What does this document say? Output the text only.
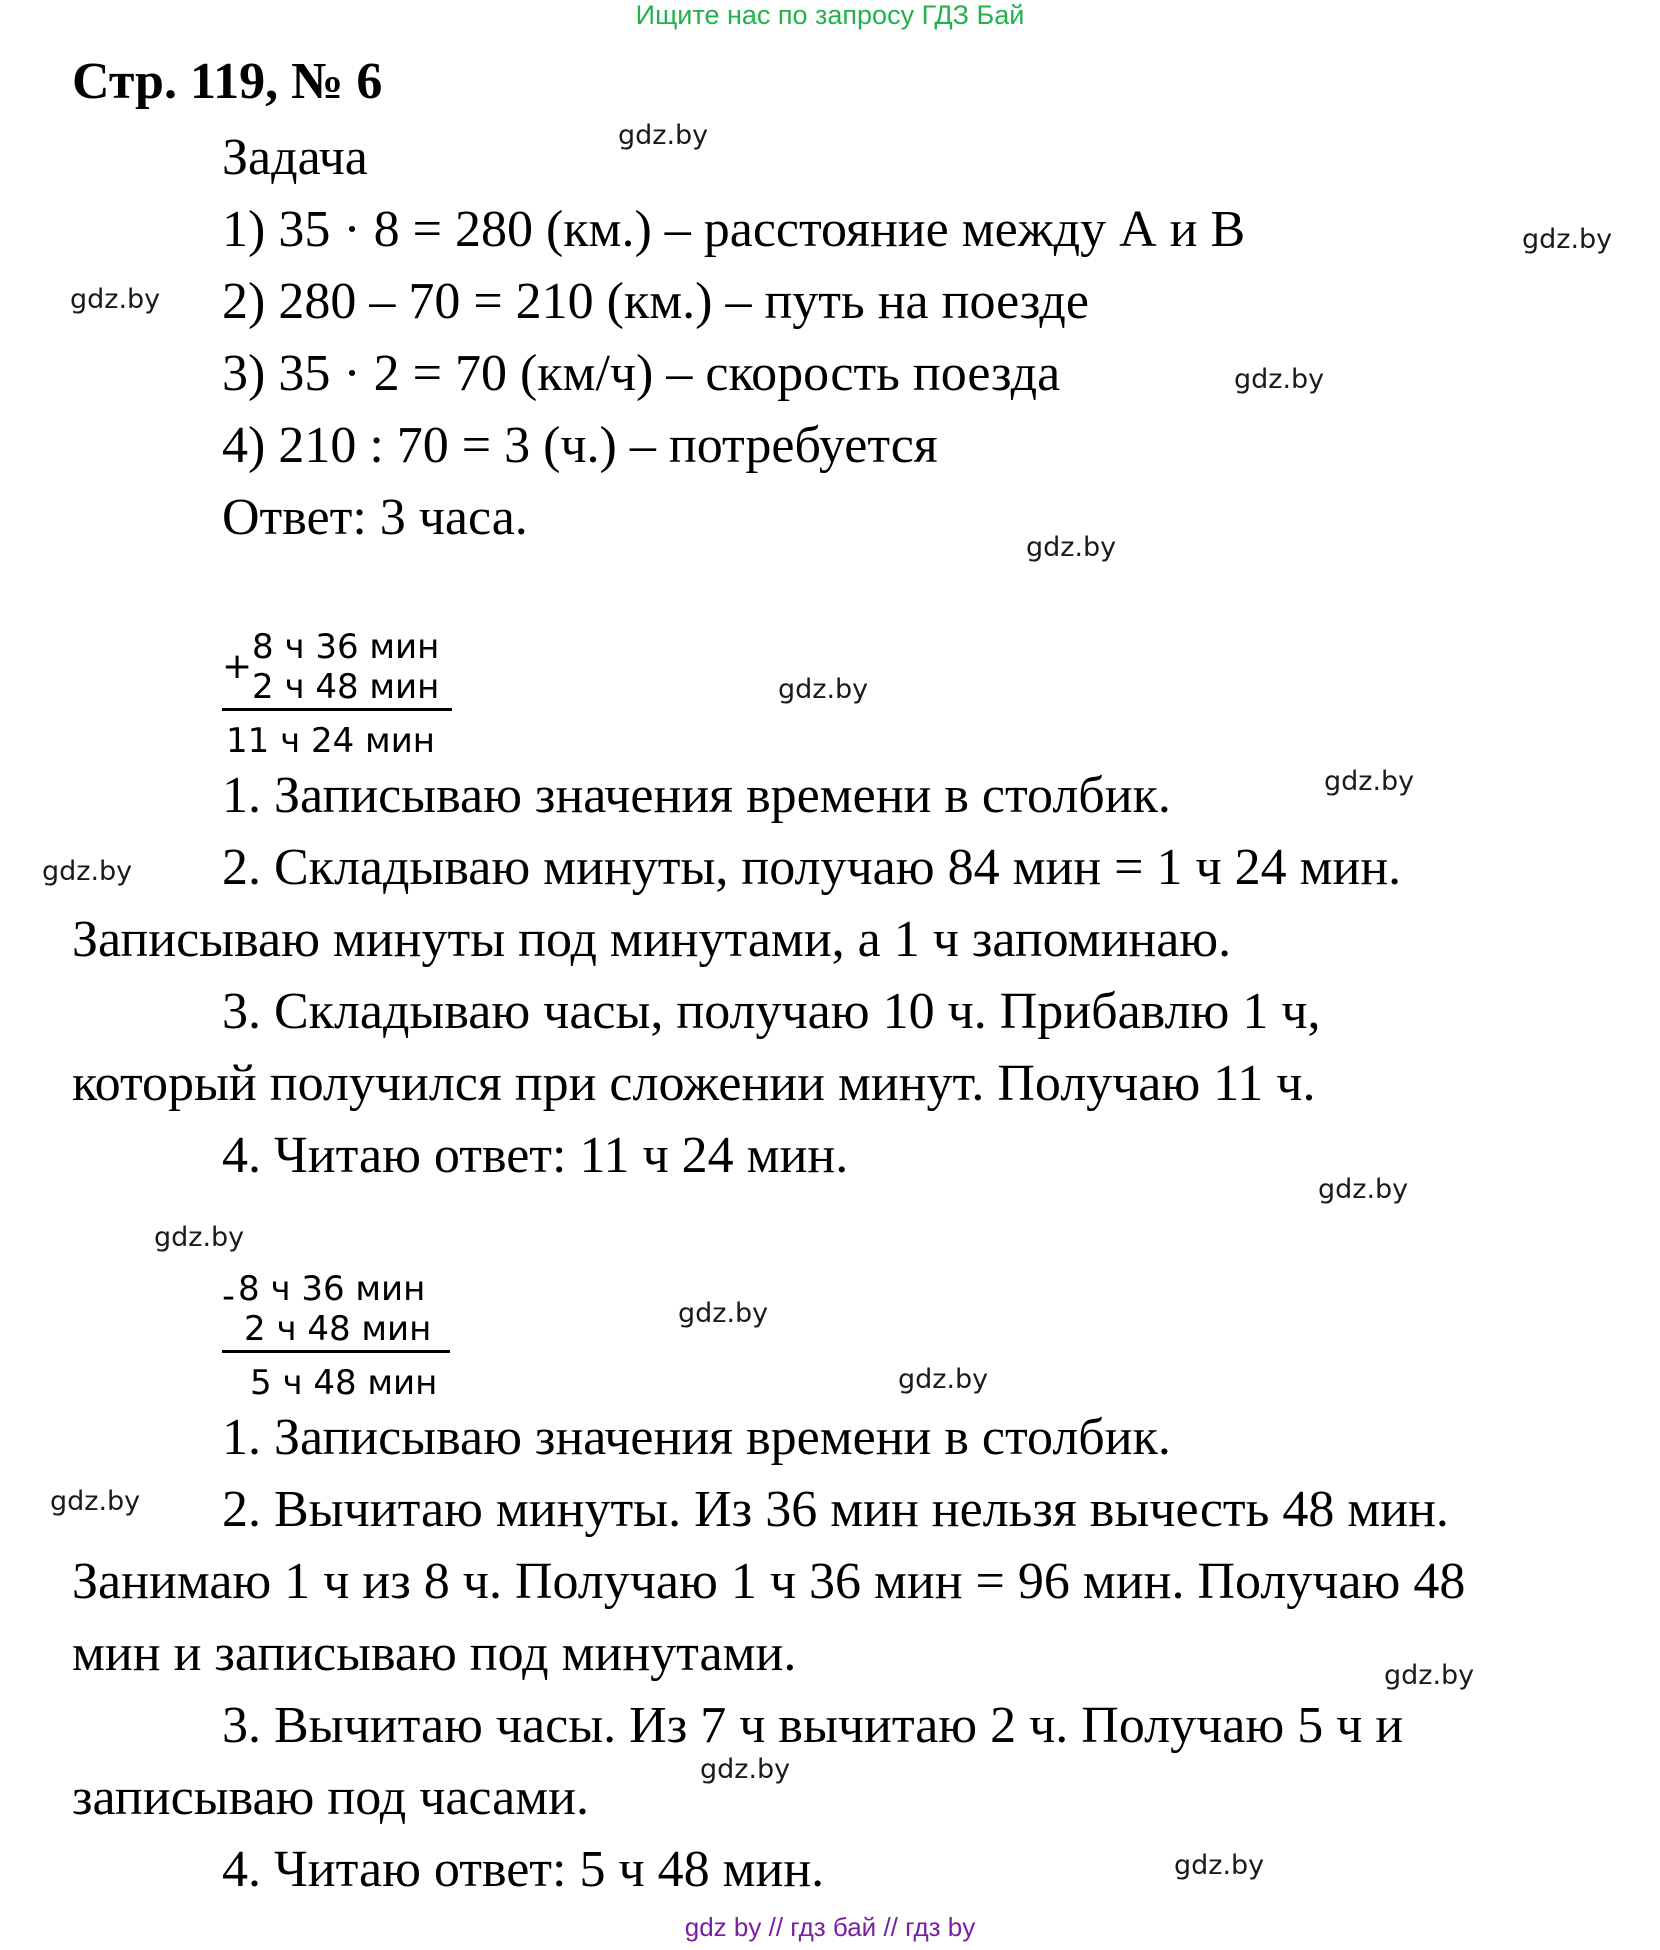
Ищите нас по запросу ГДЗ Бай
Стр. 119, № 6
Задача
1) 35 · 8 = 280 (км.) – расстояние между А и В
2) 280 – 70 = 210 (км.) – путь на поезде
3) 35 · 2 = 70 (км/ч) – скорость поезда
4) 210 : 70 = 3 (ч.) – потребуется
Ответ: 3 часа.
+ 8 ч 36 мин
2 ч 48 мин
11 ч 24 мин
1. Записываю значения времени в столбик.
2. Складываю минуты, получаю 84 мин = 1 ч 24 мин.
Записываю минуты под минутами, а 1 ч запоминаю.
3. Складываю часы, получаю 10 ч. Прибавлю 1 ч,
который получился при сложении минут. Получаю 11 ч.
4. Читаю ответ: 11 ч 24 мин.
- 8 ч 36 мин
2 ч 48 мин
5 ч 48 мин
1. Записываю значения времени в столбик.
2. Вычитаю минуты. Из 36 мин нельзя вычесть 48 мин.
Занимаю 1 ч из 8 ч. Получаю 1 ч 36 мин = 96 мин. Получаю 48
мин и записываю под минутами.
3. Вычитаю часы. Из 7 ч вычитаю 2 ч. Получаю 5 ч и
записываю под часами.
4. Читаю ответ: 5 ч 48 мин.
gdz.by
gdz.by
gdz.by
gdz.by
gdz.by
gdz.by
gdz.by
gdz.by
gdz.by
gdz.by
gdz.by
gdz.by
gdz.by
gdz.by
gdz.by
gdz.by
gdz by // гдз бай // гдз by
